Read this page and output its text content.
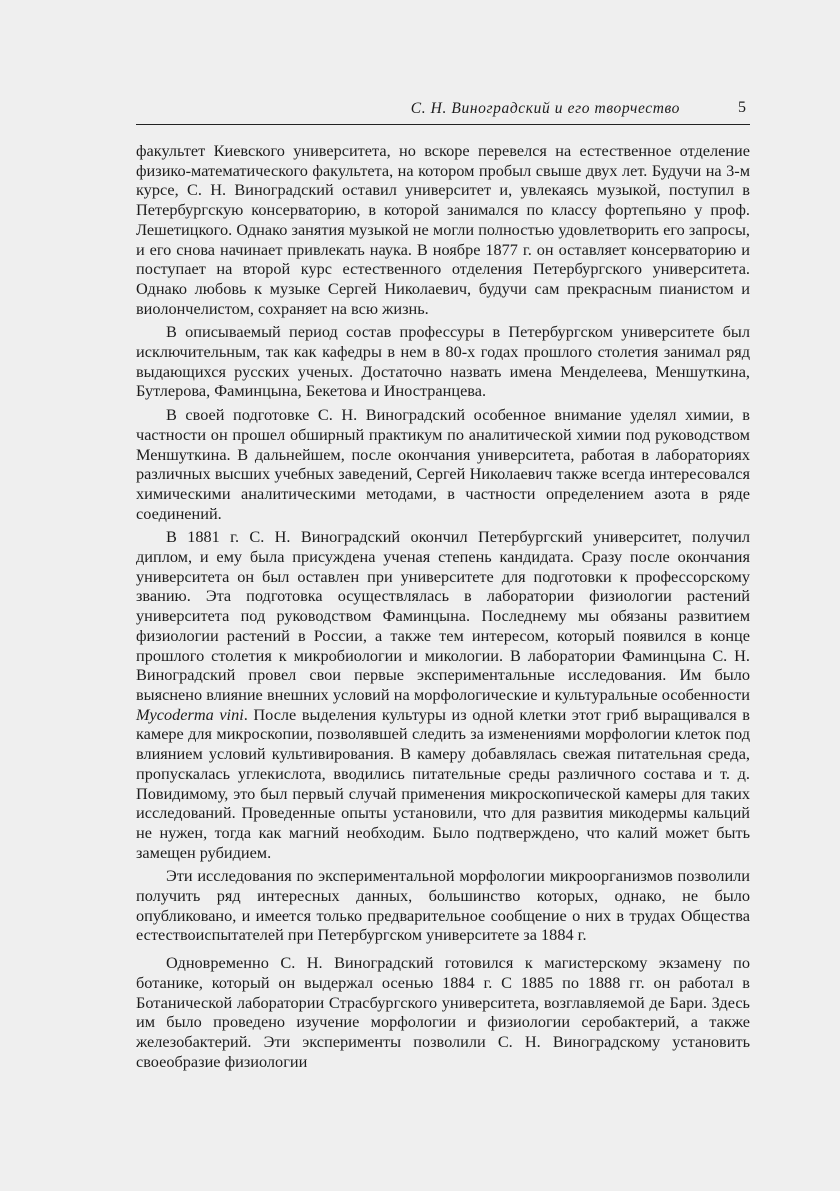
С. Н. Виноградский и его творчество	5

факультет Киевского университета, но вскоре перевелся на естественное отделение физико-математического факультета, на котором пробыл свыше двух лет. Будучи на 3-м курсе, С. Н. Виноградский оставил университет и, увлекаясь музыкой, поступил в Петербургскую консерваторию, в которой занимался по классу фортепьяно у проф. Лешетицкого. Однако занятия музыкой не могли полностью удовлетворить его запросы, и его снова начинает привлекать наука. В ноябре 1877 г. он оставляет консерваторию и поступает на второй курс естественного отделения Петербургского университета. Однако любовь к музыке Сергей Николаевич, будучи сам прекрасным пианистом и виолончелистом, сохраняет на всю жизнь.

В описываемый период состав профессуры в Петербургском университете был исключительным, так как кафедры в нем в 80-х годах прошлого столетия занимал ряд выдающихся русских ученых. Достаточно назвать имена Менделеева, Меншуткина, Бутлерова, Фаминцына, Бекетова и Иностранцева.

В своей подготовке С. Н. Виноградский особенное внимание уделял химии, в частности он прошел обширный практикум по аналитической химии под руководством Меншуткина. В дальнейшем, после окончания университета, работая в лабораториях различных высших учебных заведений, Сергей Николаевич также всегда интересовался химическими аналитическими методами, в частности определением азота в ряде соединений.

В 1881 г. С. Н. Виноградский окончил Петербургский университет, получил диплом, и ему была присуждена ученая степень кандидата. Сразу после окончания университета он был оставлен при университете для подготовки к профессорскому званию. Эта подготовка осуществлялась в лаборатории физиологии растений университета под руководством Фаминцына. Последнему мы обязаны развитием физиологии растений в России, а также тем интересом, который появился в конце прошлого столетия к микробиологии и микологии. В лаборатории Фаминцына С. Н. Виноградский провел свои первые экспериментальные исследования. Им было выяснено влияние внешних условий на морфологические и культуральные особенности Mycoderma vini. После выделения культуры из одной клетки этот гриб выращивался в камере для микроскопии, позволявшей следить за изменениями морфологии клеток под влиянием условий культивирования. В камеру добавлялась свежая питательная среда, пропускалась углекислота, вводились питательные среды различного состава и т. д. Повидимому, это был первый случай применения микроскопической камеры для таких исследований. Проведенные опыты установили, что для развития микодермы кальций не нужен, тогда как магний необходим. Было подтверждено, что калий может быть замещен рубидием.

Эти исследования по экспериментальной морфологии микроорганизмов позволили получить ряд интересных данных, большинство которых, однако, не было опубликовано, и имеется только предварительное сообщение о них в трудах Общества естествоиспытателей при Петербургском университете за 1884 г.

Одновременно С. Н. Виноградский готовился к магистерскому экзамену по ботанике, который он выдержал осенью 1884 г. С 1885 по 1888 гг. он работал в Ботанической лаборатории Страсбургского университета, возглавляемой де Бари. Здесь им было проведено изучение морфологии и физиологии серобактерий, а также железобактерий. Эти эксперименты позволили С. Н. Виноградскому установить своеобразие физиологии
